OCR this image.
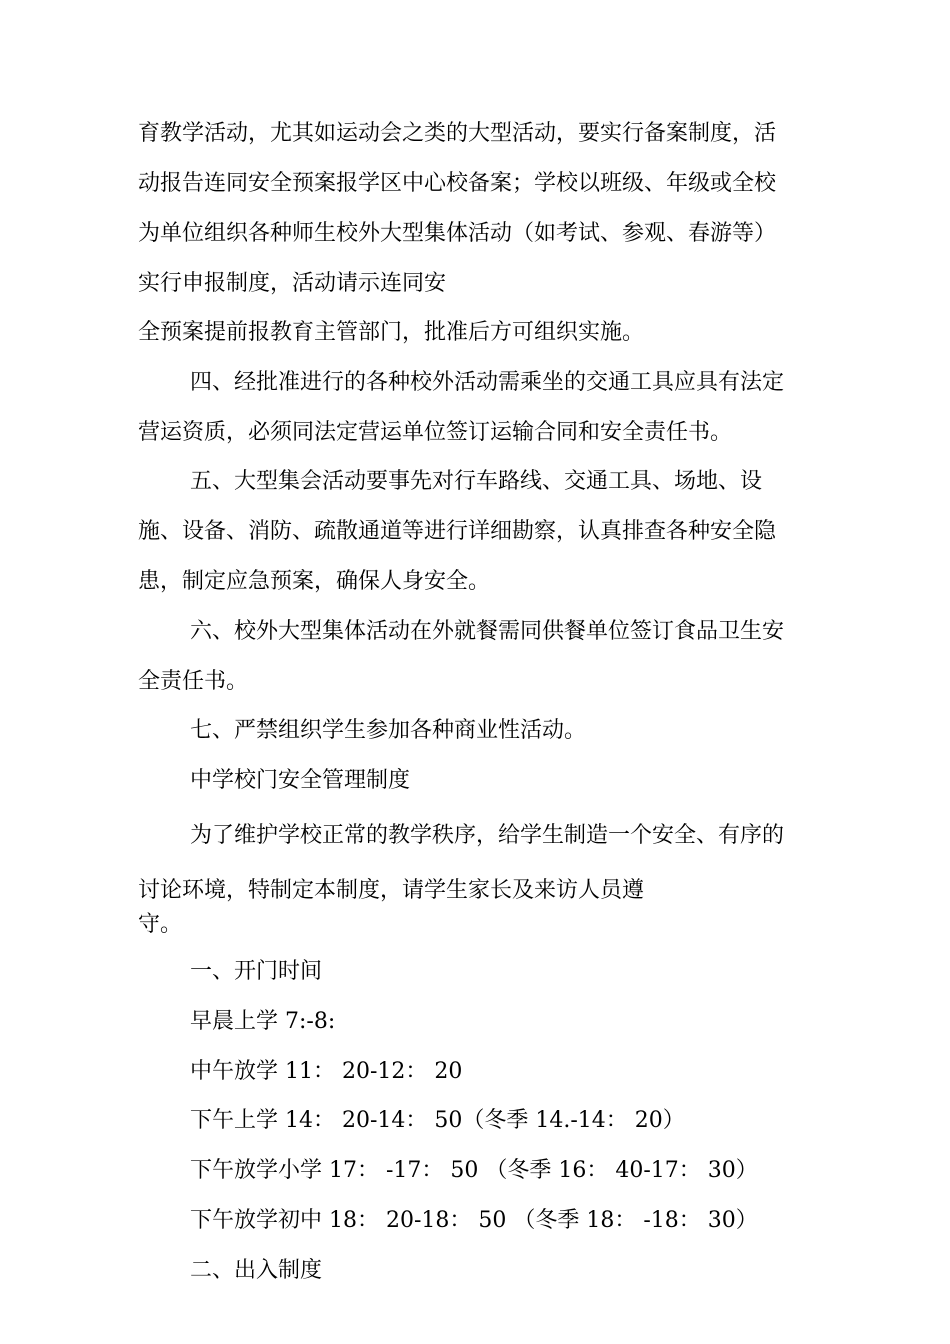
育教学活动，尤其如运动会之类的大型活动，要实行备案制度，活
动报告连同安全预案报学区中心校备案；学校以班级、年级或全校
为单位组织各种师生校外大型集体活动（如考试、参观、春游等）
实行申报制度，活动请示连同安
全预案提前报教育主管部门，批准后方可组织实施。
四、经批准进行的各种校外活动需乘坐的交通工具应具有法定
营运资质，必须同法定营运单位签订运输合同和安全责任书。
五、大型集会活动要事先对行车路线、交通工具、场地、设
施、设备、消防、疏散通道等进行详细勘察，认真排查各种安全隐
患，制定应急预案，确保人身安全。
六、校外大型集体活动在外就餐需同供餐单位签订食品卫生安
全责任书。
七、严禁组织学生参加各种商业性活动。
中学校门安全管理制度
为了维护学校正常的教学秩序，给学生制造一个安全、有序的
讨论环境，特制定本制度，请学生家长及来访人员遵
守。
一、开门时间
早晨上学 7:-8:
中午放学 11： 20-12： 20
下午上学 14： 20-14： 50（冬季 14.-14： 20）
下午放学小学 17： -17： 50 （冬季 16： 40-17： 30）
下午放学初中 18： 20-18： 50 （冬季 18： -18： 30）
二、出入制度
